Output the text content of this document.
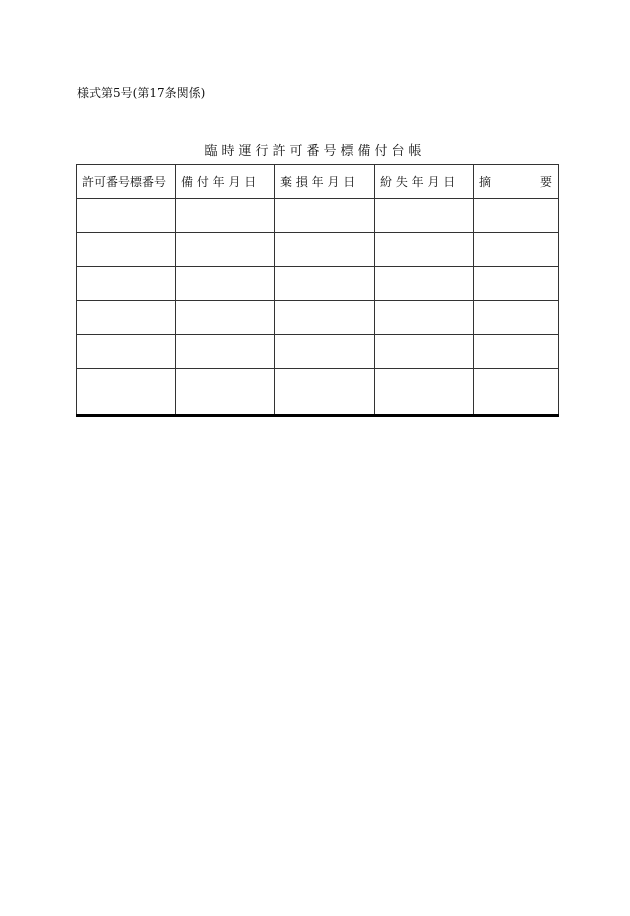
様式第5号(第17条関係)
臨時運行許可番号標備付台帳
許可番号標番号	備 付 年 月 日	棄 損 年 月 日	紛 失 年 月 日	摘 要
